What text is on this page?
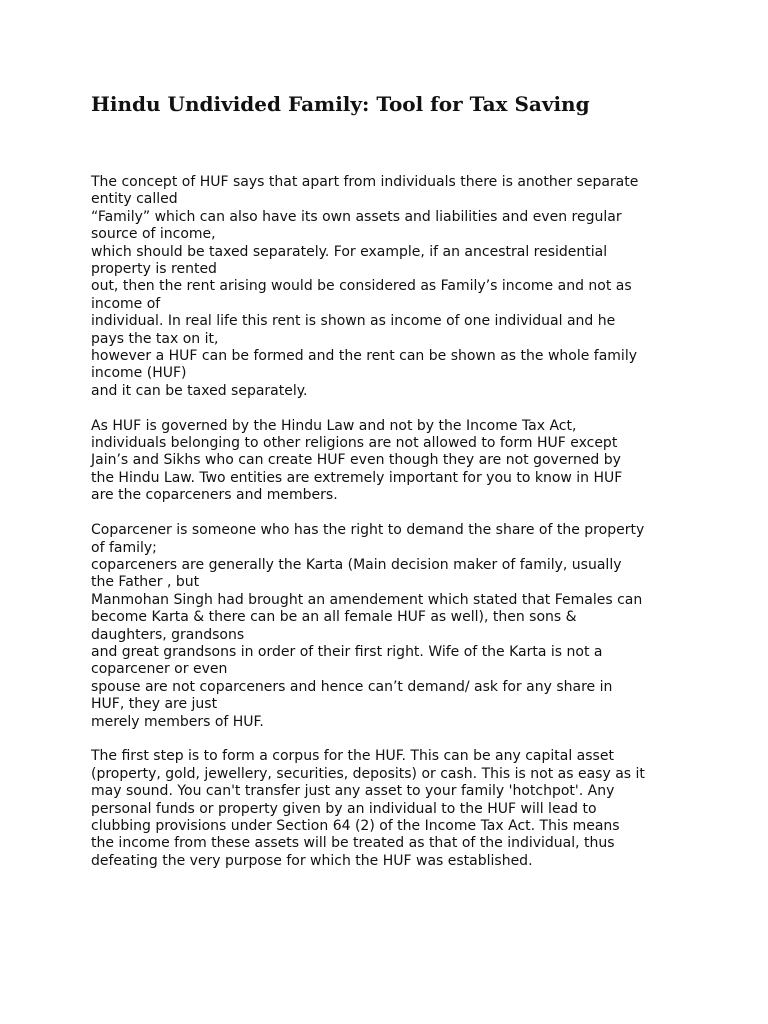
Hindu Undivided Family: Tool for Tax Saving

The concept of HUF says that apart from individuals there is another separate
entity called
“Family” which can also have its own assets and liabilities and even regular
source of income,
which should be taxed separately. For example, if an ancestral residential
property is rented
out, then the rent arising would be considered as Family’s income and not as
income of
individual. In real life this rent is shown as income of one individual and he
pays the tax on it,
however a HUF can be formed and the rent can be shown as the whole family
income (HUF)
and it can be taxed separately.

As HUF is governed by the Hindu Law and not by the Income Tax Act,
individuals belonging to other religions are not allowed to form HUF except
Jain’s and Sikhs who can create HUF even though they are not governed by
the Hindu Law. Two entities are extremely important for you to know in HUF
are the coparceners and members.

Coparcener is someone who has the right to demand the share of the property
of family;
coparceners are generally the Karta (Main decision maker of family, usually
the Father , but
Manmohan Singh had brought an amendement which stated that Females can
become Karta & there can be an all female HUF as well), then sons &
daughters, grandsons
and great grandsons in order of their first right. Wife of the Karta is not a
coparcener or even
spouse are not coparceners and hence can’t demand/ ask for any share in
HUF, they are just
merely members of HUF.

The first step is to form a corpus for the HUF. This can be any capital asset
(property, gold, jewellery, securities, deposits) or cash. This is not as easy as it
may sound. You can't transfer just any asset to your family 'hotchpot'. Any
personal funds or property given by an individual to the HUF will lead to
clubbing provisions under Section 64 (2) of the Income Tax Act. This means
the income from these assets will be treated as that of the individual, thus
defeating the very purpose for which the HUF was established.
